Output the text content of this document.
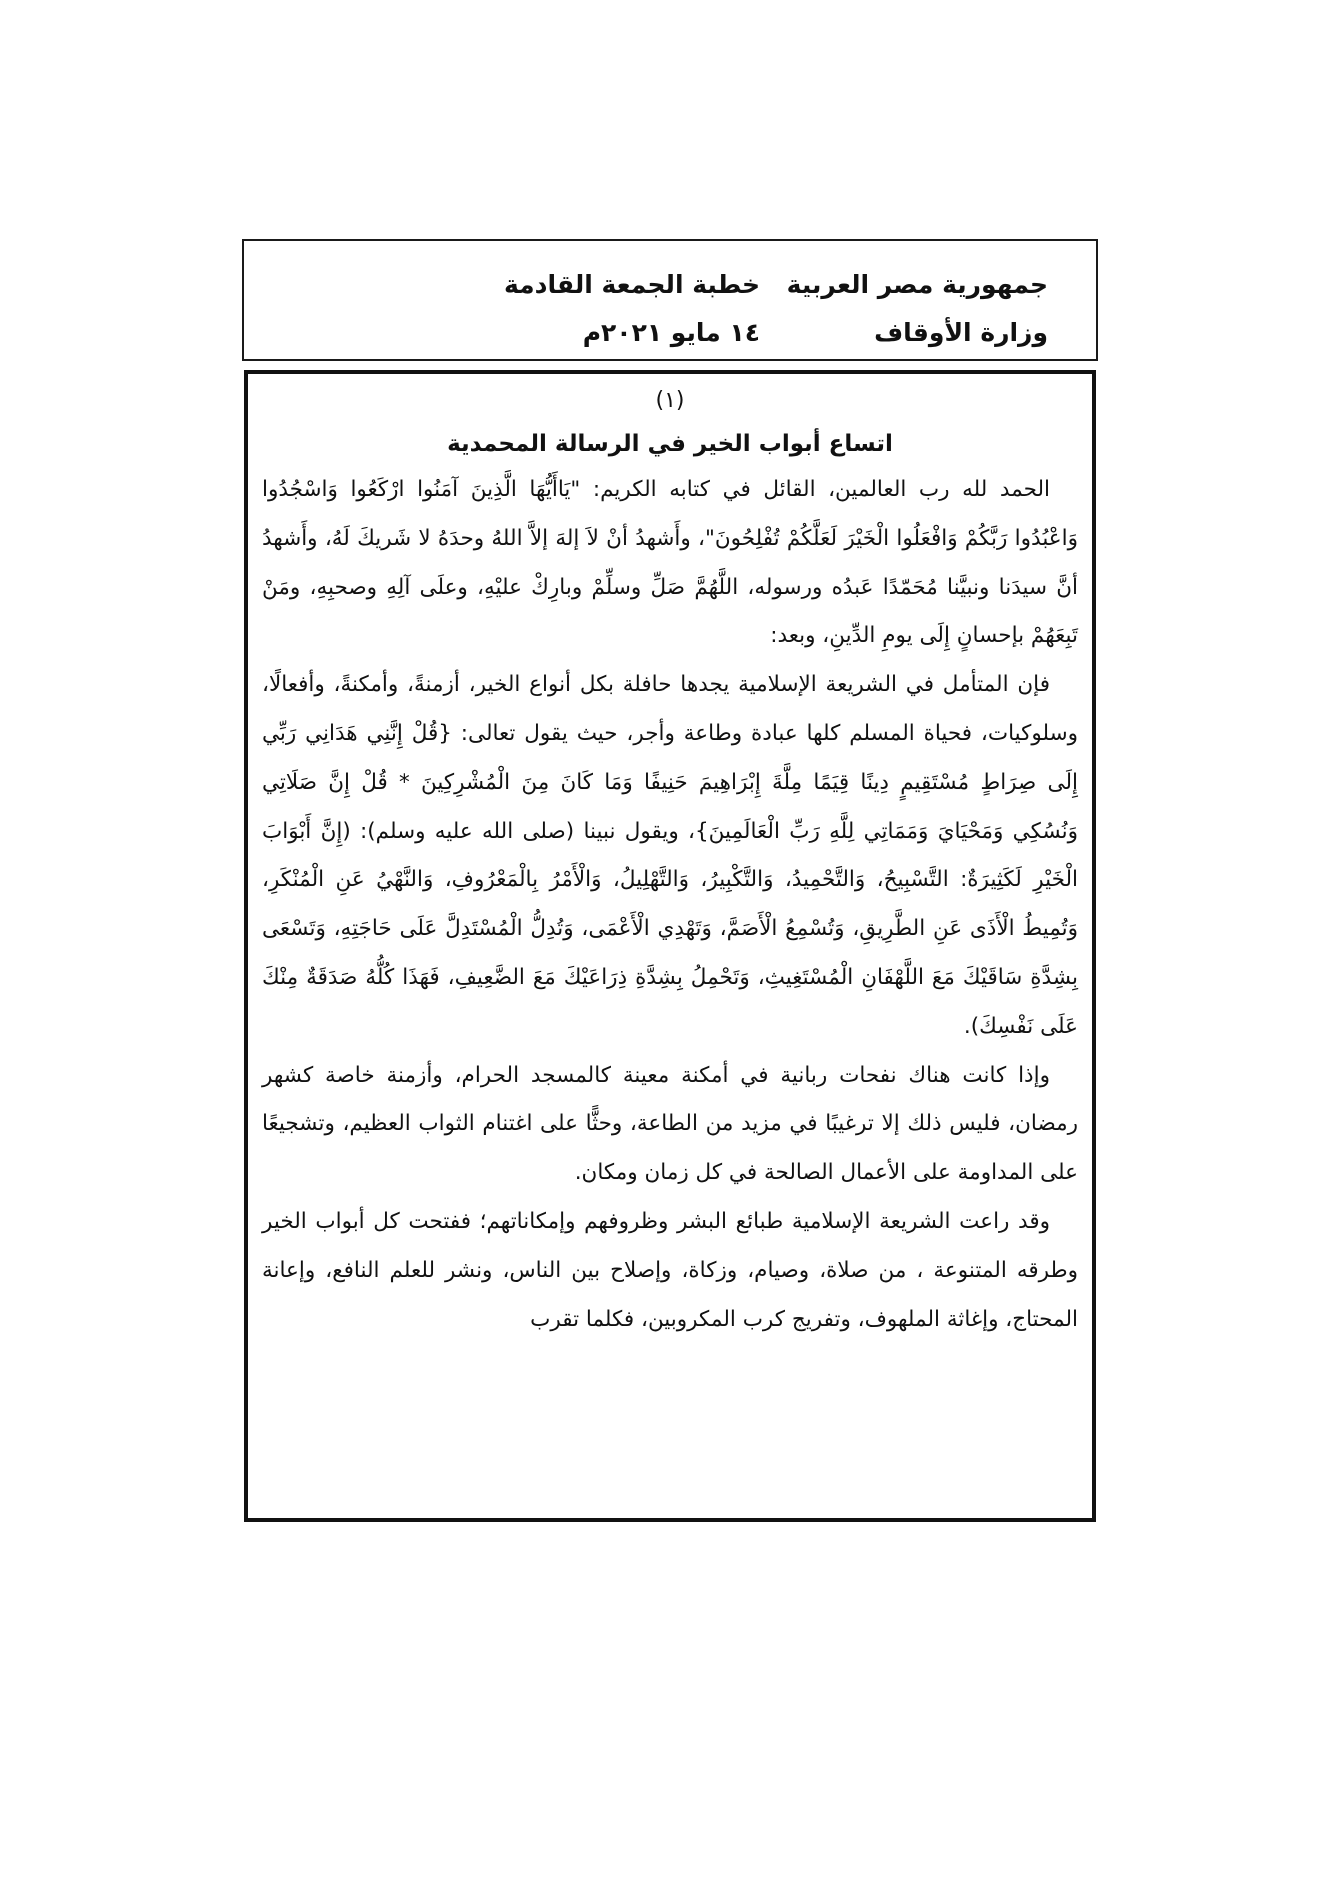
جمهورية مصر العربية
وزارة الأوقاف
خطبة الجمعة القادمة
١٤ مايو ٢٠٢١م
(١)
اتساع أبواب الخير في الرسالة المحمدية

الحمد لله رب العالمين، القائل في كتابه الكريم: "يَاأَيُّهَا الَّذِينَ آمَنُوا ارْكَعُوا وَاسْجُدُوا وَاعْبُدُوا رَبَّكُمْ وَافْعَلُوا الْخَيْرَ لَعَلَّكُمْ تُفْلِحُونَ"، وأَشهدُ أنْ لاَ إلهَ إلاَّ اللهُ وحدَهُ لا شَريكَ لَهُ، وأَشهدُ أنَّ سيدَنا ونبيَّنا مُحَمّدًا عَبدُه ورسوله، اللَّهُمَّ صَلِّ وسلِّمْ وبارِكْ عليْهِ، وعلَى آلِهِ وصحبِهِ، ومَنْ تَبِعَهُمْ بإحسانٍ إِلَى يومِ الدِّينِ، وبعد:

فإن المتأمل في الشريعة الإسلامية يجدها حافلة بكل أنواع الخير، أزمنةً، وأمكنةً، وأفعالًا، وسلوكيات، فحياة المسلم كلها عبادة وطاعة وأجر، حيث يقول تعالى: {قُلْ إِنَّنِي هَدَانِي رَبِّي إِلَى صِرَاطٍ مُسْتَقِيمٍ دِينًا قِيَمًا مِلَّةَ إِبْرَاهِيمَ حَنِيفًا وَمَا كَانَ مِنَ الْمُشْرِكِينَ * قُلْ إِنَّ صَلَاتِي وَنُسُكِي وَمَحْيَايَ وَمَمَاتِي لِلَّهِ رَبِّ الْعَالَمِينَ}، ويقول نبينا (صلى الله عليه وسلم): (إِنَّ أَبْوَابَ الْخَيْرِ لَكَثِيرَةٌ: التَّسْبِيحُ، وَالتَّحْمِيدُ، وَالتَّكْبِيرُ، وَالتَّهْلِيلُ، وَالْأَمْرُ بِالْمَعْرُوفِ، وَالنَّهْيُ عَنِ الْمُنْكَرِ، وَتُمِيطُ الْأَذَى عَنِ الطَّرِيقِ، وَتُسْمِعُ الْأَصَمَّ، وَتَهْدِي الْأَعْمَى، وَتُدِلُّ الْمُسْتَدِلَّ عَلَى حَاجَتِهِ، وَتَسْعَى بِشِدَّةِ سَاقَيْكَ مَعَ اللَّهْفَانِ الْمُسْتَغِيثِ، وَتَحْمِلُ بِشِدَّةِ ذِرَاعَيْكَ مَعَ الضَّعِيفِ، فَهَذَا كُلُّهُ صَدَقَةٌ مِنْكَ عَلَى نَفْسِكَ).

وإذا كانت هناك نفحات ربانية في أمكنة معينة كالمسجد الحرام، وأزمنة خاصة كشهر رمضان، فليس ذلك إلا ترغيبًا في مزيد من الطاعة، وحثًّا على اغتنام الثواب العظيم، وتشجيعًا على المداومة على الأعمال الصالحة في كل زمان ومكان.

وقد راعت الشريعة الإسلامية طبائع البشر وظروفهم وإمكاناتهم؛ ففتحت كل أبواب الخير وطرقه المتنوعة ، من صلاة، وصيام، وزكاة، وإصلاح بين الناس، ونشر للعلم النافع، وإعانة المحتاج، وإغاثة الملهوف، وتفريج كرب المكروبين، فكلما تقرب
